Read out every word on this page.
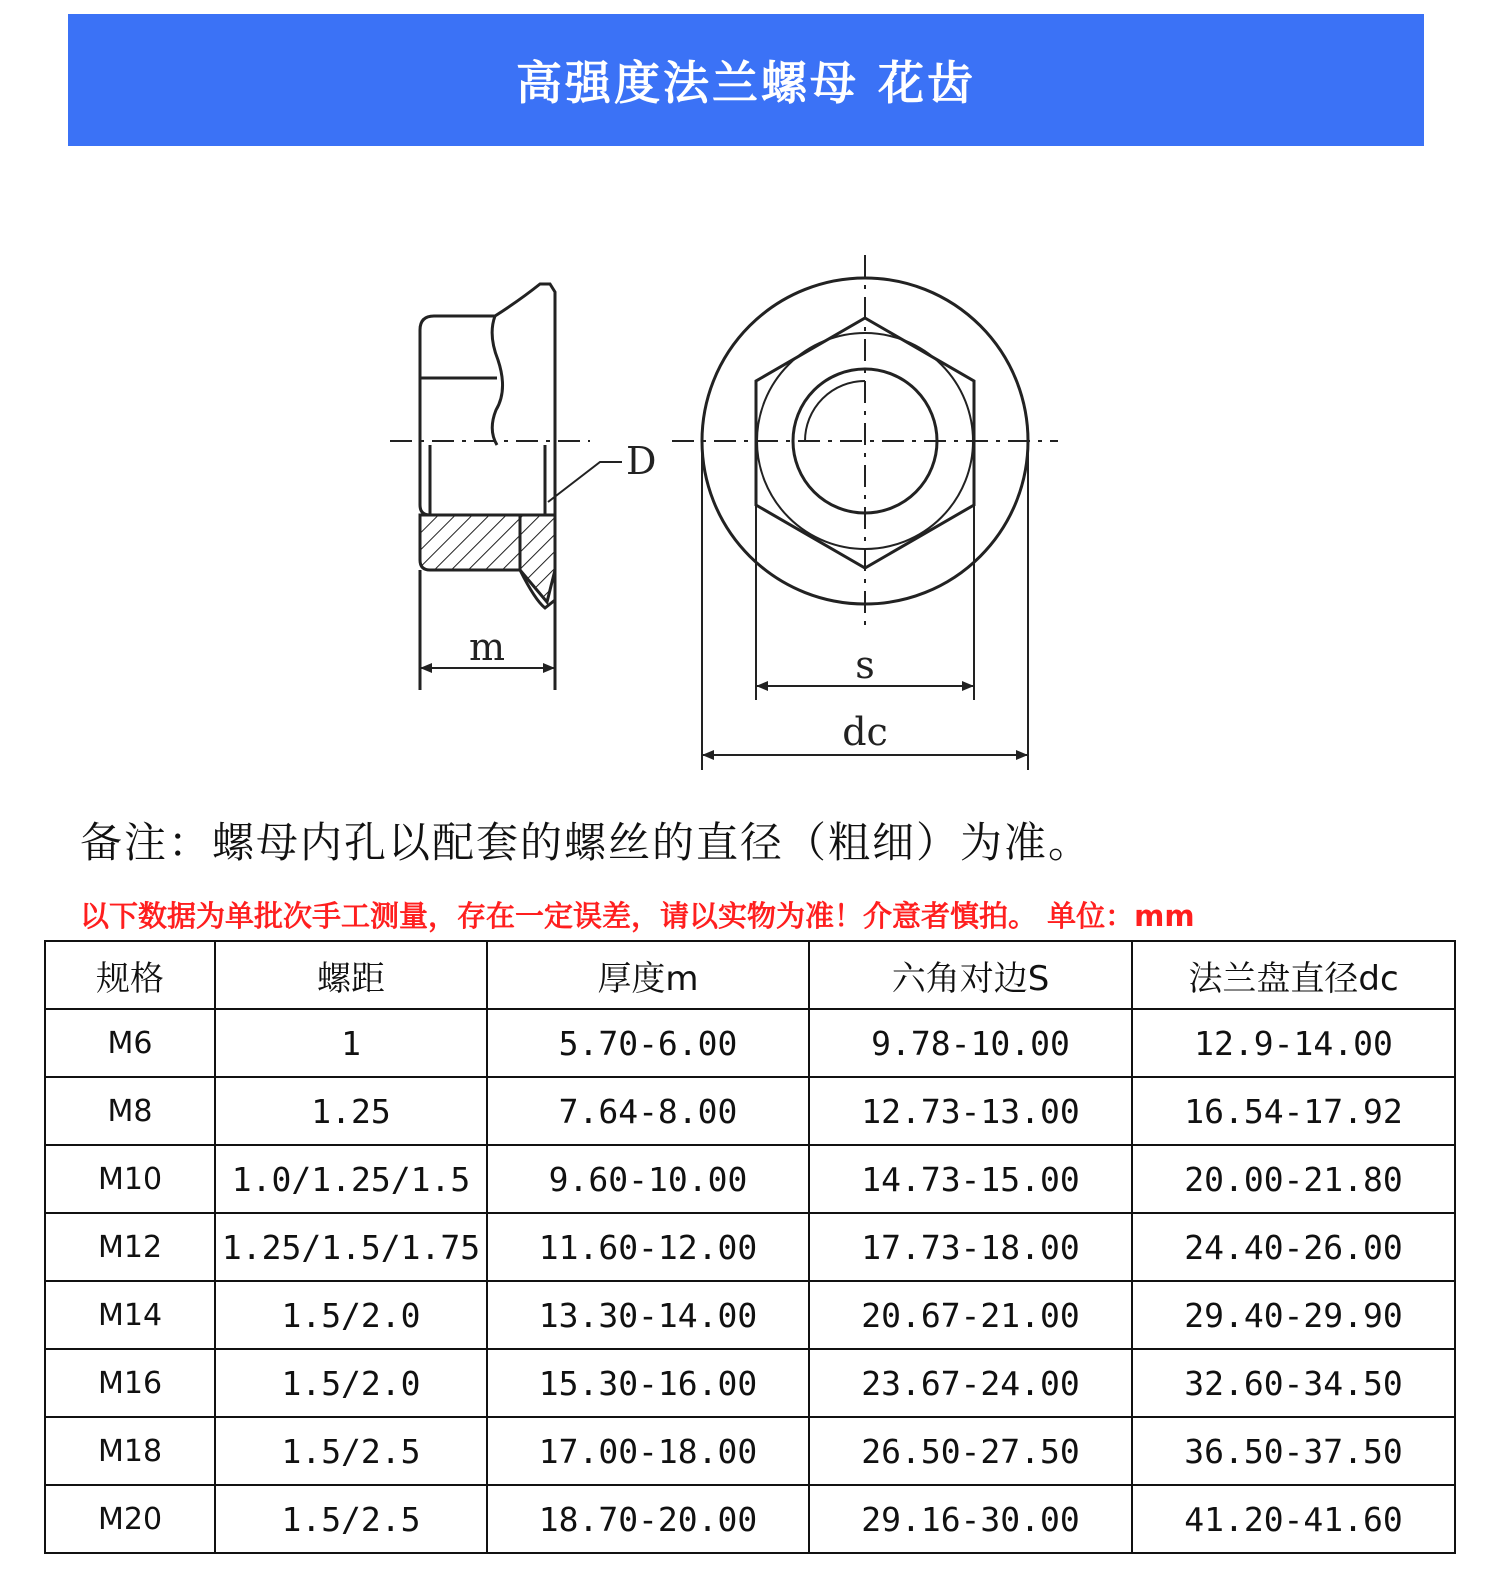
高强度法兰螺母 花齿
D
m	s
dc
备注：螺母内孔以配套的螺丝的直径（粗细）为准。
以下数据为单批次手工测量，存在一定误差，请以实物为准！介意者慎拍。 单位：mm
规格	螺距	厚度m	六角对边S	法兰盘直径dc
M6	1	5.70-6.00	9.78-10.00	12.9-14.00
M8	1.25	7.64-8.00	12.73-13.00	16.54-17.92
M10	1.0/1.25/1.5	9.60-10.00	14.73-15.00	20.00-21.80
M12	1.25/1.5/1.75	11.60-12.00	17.73-18.00	24.40-26.00
M14	1.5/2.0	13.30-14.00	20.67-21.00	29.40-29.90
M16	1.5/2.0	15.30-16.00	23.67-24.00	32.60-34.50
M18	1.5/2.5	17.00-18.00	26.50-27.50	36.50-37.50
M20	1.5/2.5	18.70-20.00	29.16-30.00	41.20-41.60
